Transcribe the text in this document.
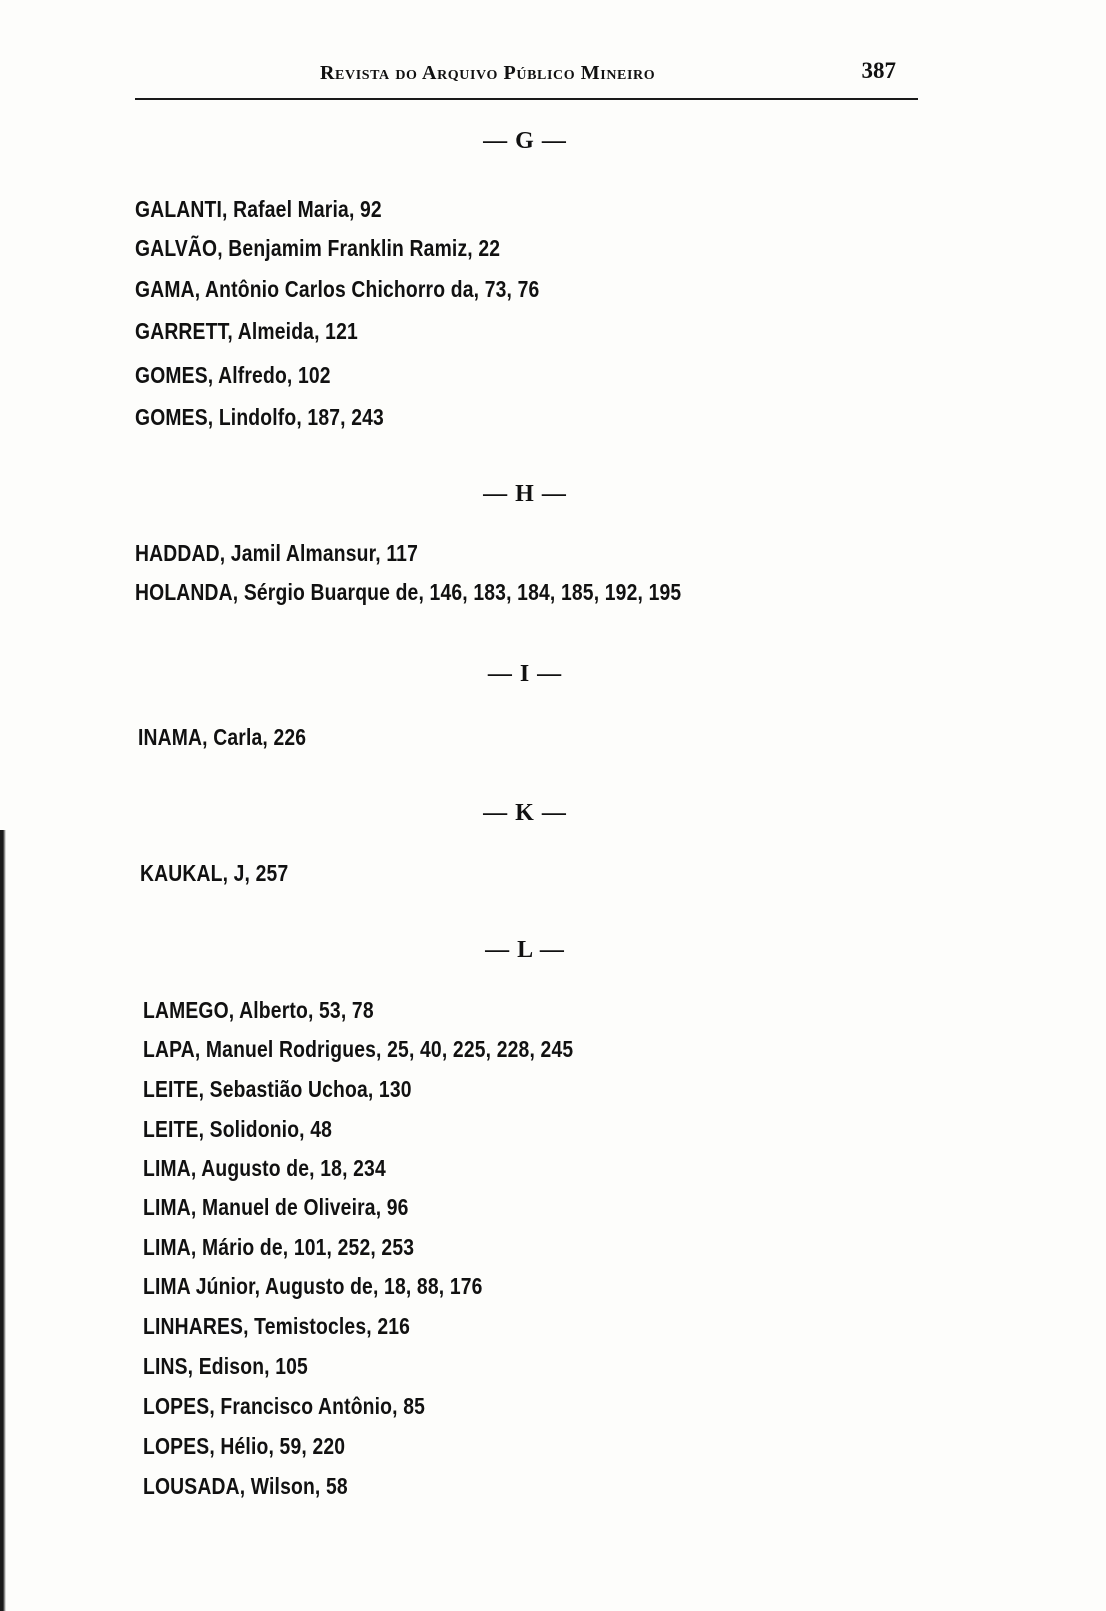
Revista do Arquivo Público Mineiro	387
— G —
GALANTI, Rafael Maria, 92
GALVÃO, Benjamim Franklin Ramiz, 22
GAMA, Antônio Carlos Chichorro da, 73, 76
GARRETT, Almeida, 121
GOMES, Alfredo, 102
GOMES, Lindolfo, 187, 243
— H —
HADDAD, Jamil Almansur, 117
HOLANDA, Sérgio Buarque de, 146, 183, 184, 185, 192, 195
— I —
INAMA, Carla, 226
— K —
KAUKAL, J, 257
— L —
LAMEGO, Alberto, 53, 78
LAPA, Manuel Rodrigues, 25, 40, 225, 228, 245
LEITE, Sebastião Uchoa, 130
LEITE, Solidonio, 48
LIMA, Augusto de, 18, 234
LIMA, Manuel de Oliveira, 96
LIMA, Mário de, 101, 252, 253
LIMA Júnior, Augusto de, 18, 88, 176
LINHARES, Temistocles, 216
LINS, Edison, 105
LOPES, Francisco Antônio, 85
LOPES, Hélio, 59, 220
LOUSADA, Wilson, 58
